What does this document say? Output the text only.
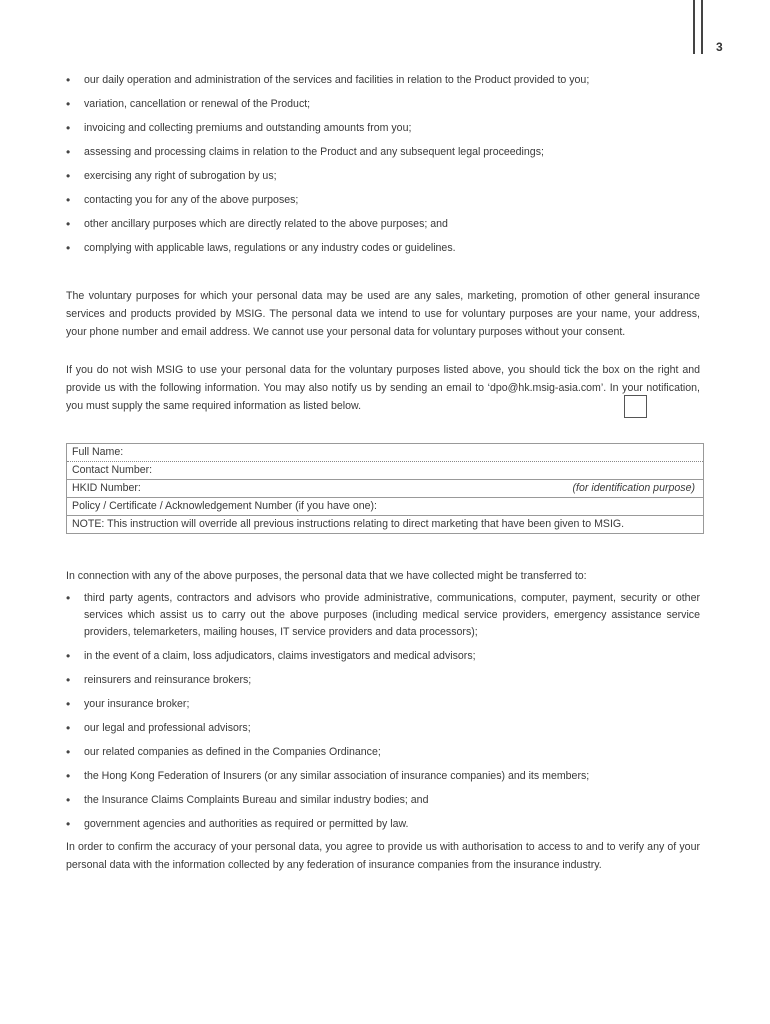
3
• our daily operation and administration of the services and facilities in relation to the Product provided to you;
• variation, cancellation or renewal of the Product;
• invoicing and collecting premiums and outstanding amounts from you;
• assessing and processing claims in relation to the Product and any subsequent legal proceedings;
• exercising any right of subrogation by us;
• contacting you for any of the above purposes;
• other ancillary purposes which are directly related to the above purposes; and
• complying with applicable laws, regulations or any industry codes or guidelines.

The voluntary purposes for which your personal data may be used are any sales, marketing, promotion of other general insurance services and products provided by MSIG. The personal data we intend to use for voluntary purposes are your name, your address, your phone number and email address. We cannot use your personal data for voluntary purposes without your consent.

If you do not wish MSIG to use your personal data for the voluntary purposes listed above, you should tick the box on the right and provide us with the following information. You may also notify us by sending an email to ‘dpo@hk.msig-asia.com’. In your notification, you must supply the same required information as listed below.

Full Name:
Contact Number:
HKID Number:	(for identification purpose)
Policy / Certificate / Acknowledgement Number (if you have one):
NOTE: This instruction will override all previous instructions relating to direct marketing that have been given to MSIG.

In connection with any of the above purposes, the personal data that we have collected might be transferred to:

• third party agents, contractors and advisors who provide administrative, communications, computer, payment, security or other services which assist us to carry out the above purposes (including medical service providers, emergency assistance service providers, telemarketers, mailing houses, IT service providers and data processors);
• in the event of a claim, loss adjudicators, claims investigators and medical advisors;
• reinsurers and reinsurance brokers;
• your insurance broker;
• our legal and professional advisors;
• our related companies as defined in the Companies Ordinance;
• the Hong Kong Federation of Insurers (or any similar association of insurance companies) and its members;
• the Insurance Claims Complaints Bureau and similar industry bodies; and
• government agencies and authorities as required or permitted by law.

In order to confirm the accuracy of your personal data, you agree to provide us with authorisation to access to and to verify any of your personal data with the information collected by any federation of insurance companies from the insurance industry.
